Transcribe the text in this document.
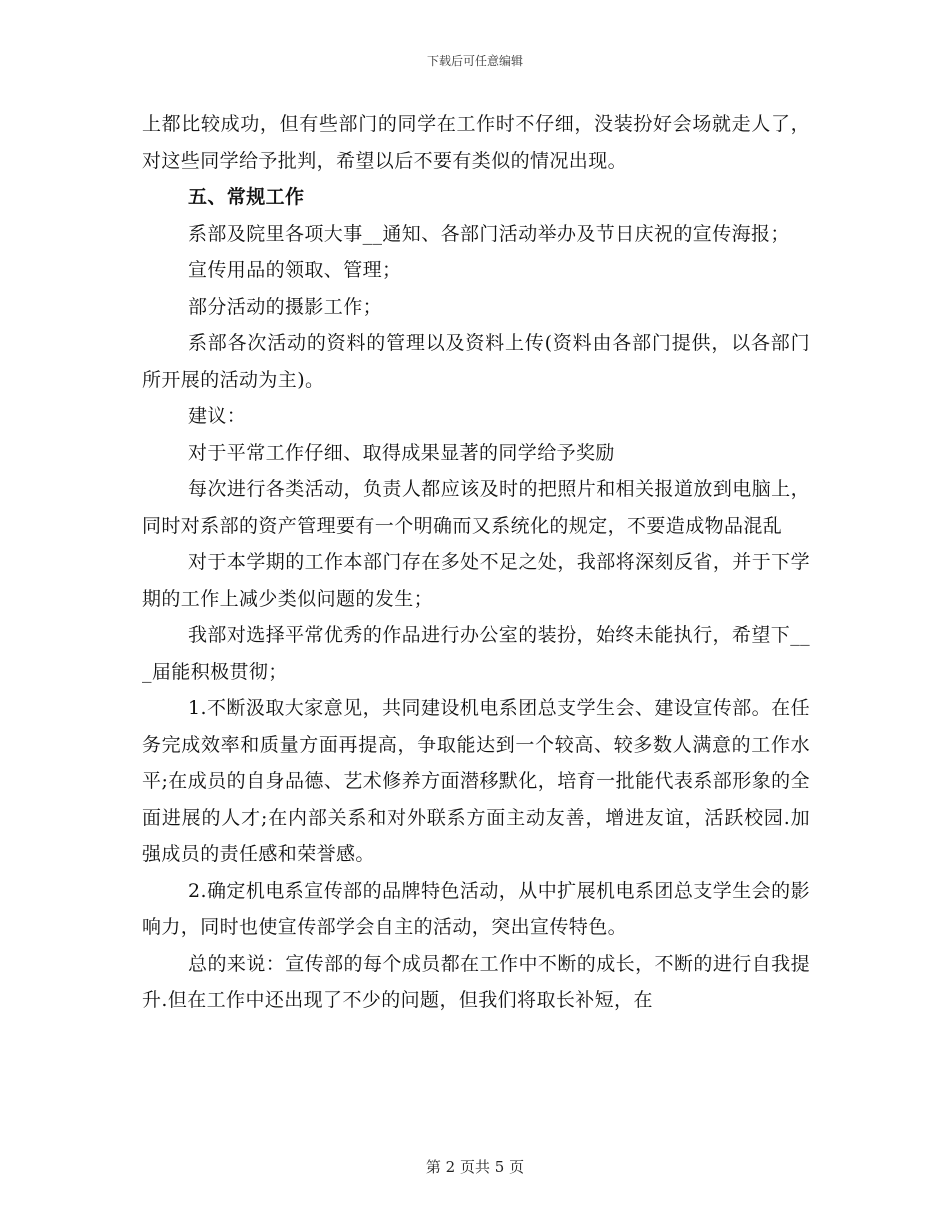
下载后可任意编辑

上都比较成功，但有些部门的同学在工作时不仔细，没装扮好会场就走人了，对这些同学给予批判，希望以后不要有类似的情况出现。

五、常规工作

系部及院里各项大事__通知、各部门活动举办及节日庆祝的宣传海报；

宣传用品的领取、管理；

部分活动的摄影工作；

系部各次活动的资料的管理以及资料上传(资料由各部门提供，以各部门所开展的活动为主)。

建议：

对于平常工作仔细、取得成果显著的同学给予奖励

每次进行各类活动，负责人都应该及时的把照片和相关报道放到电脑上，同时对系部的资产管理要有一个明确而又系统化的规定，不要造成物品混乱

对于本学期的工作本部门存在多处不足之处，我部将深刻反省，并于下学期的工作上减少类似问题的发生；

我部对选择平常优秀的作品进行办公室的装扮，始终未能执行，希望下___届能积极贯彻；

1.不断汲取大家意见，共同建设机电系团总支学生会、建设宣传部。在任务完成效率和质量方面再提高，争取能达到一个较高、较多数人满意的工作水平;在成员的自身品德、艺术修养方面潜移默化，培育一批能代表系部形象的全面进展的人才;在内部关系和对外联系方面主动友善，增进友谊，活跃校园.加强成员的责任感和荣誉感。

2.确定机电系宣传部的品牌特色活动，从中扩展机电系团总支学生会的影响力，同时也使宣传部学会自主的活动，突出宣传特色。

总的来说：宣传部的每个成员都在工作中不断的成长，不断的进行自我提升.但在工作中还出现了不少的问题，但我们将取长补短，在

第 2 页共 5 页
